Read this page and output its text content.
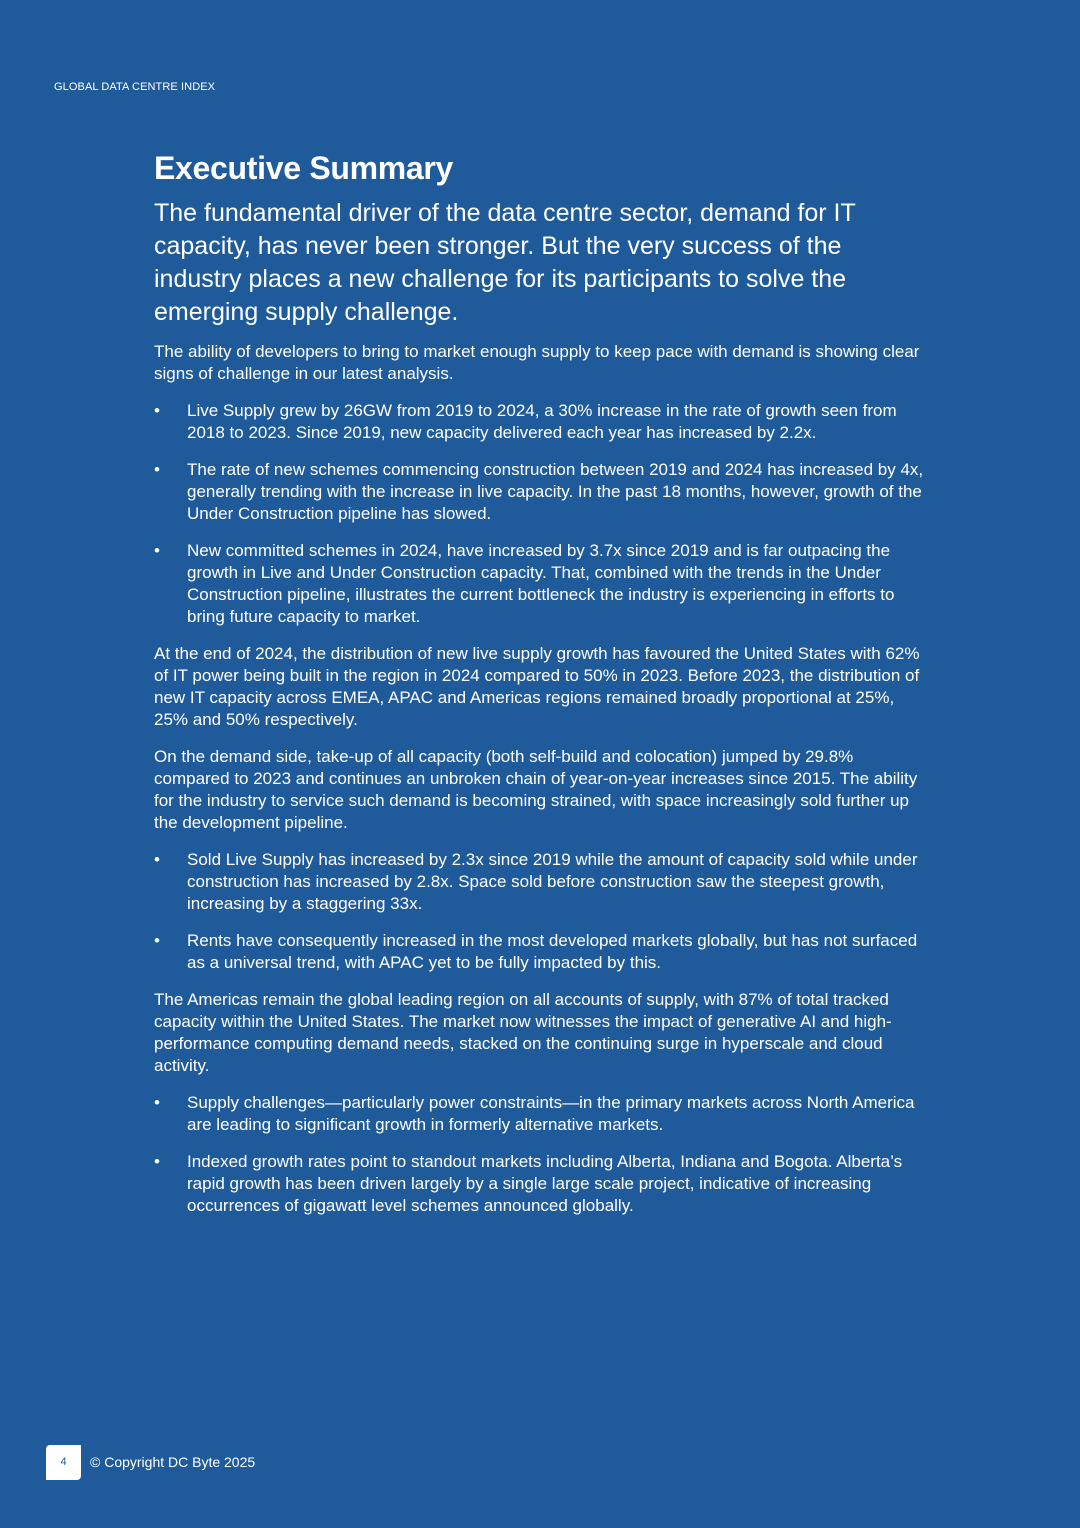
GLOBAL DATA CENTRE INDEX
Executive Summary

The fundamental driver of the data centre sector, demand for IT capacity, has never been stronger. But the very success of the industry places a new challenge for its participants to solve the emerging supply challenge.

The ability of developers to bring to market enough supply to keep pace with demand is showing clear signs of challenge in our latest analysis.

• Live Supply grew by 26GW from 2019 to 2024, a 30% increase in the rate of growth seen from 2018 to 2023. Since 2019, new capacity delivered each year has increased by 2.2x.
• The rate of new schemes commencing construction between 2019 and 2024 has increased by 4x, generally trending with the increase in live capacity. In the past 18 months, however, growth of the Under Construction pipeline has slowed.
• New committed schemes in 2024, have increased by 3.7x since 2019 and is far outpacing the growth in Live and Under Construction capacity. That, combined with the trends in the Under Construction pipeline, illustrates the current bottleneck the industry is experiencing in efforts to bring future capacity to market.

At the end of 2024, the distribution of new live supply growth has favoured the United States with 62% of IT power being built in the region in 2024 compared to 50% in 2023. Before 2023, the distribution of new IT capacity across EMEA, APAC and Americas regions remained broadly proportional at 25%, 25% and 50% respectively.

On the demand side, take-up of all capacity (both self-build and colocation) jumped by 29.8% compared to 2023 and continues an unbroken chain of year-on-year increases since 2015. The ability for the industry to service such demand is becoming strained, with space increasingly sold further up the development pipeline.

• Sold Live Supply has increased by 2.3x since 2019 while the amount of capacity sold while under construction has increased by 2.8x. Space sold before construction saw the steepest growth, increasing by a staggering 33x.
• Rents have consequently increased in the most developed markets globally, but has not surfaced as a universal trend, with APAC yet to be fully impacted by this.

The Americas remain the global leading region on all accounts of supply, with 87% of total tracked capacity within the United States. The market now witnesses the impact of generative AI and high-performance computing demand needs, stacked on the continuing surge in hyperscale and cloud activity.

• Supply challenges—particularly power constraints—in the primary markets across North America are leading to significant growth in formerly alternative markets.
• Indexed growth rates point to standout markets including Alberta, Indiana and Bogota. Alberta’s rapid growth has been driven largely by a single large scale project, indicative of increasing occurrences of gigawatt level schemes announced globally.
4 © Copyright DC Byte 2025
